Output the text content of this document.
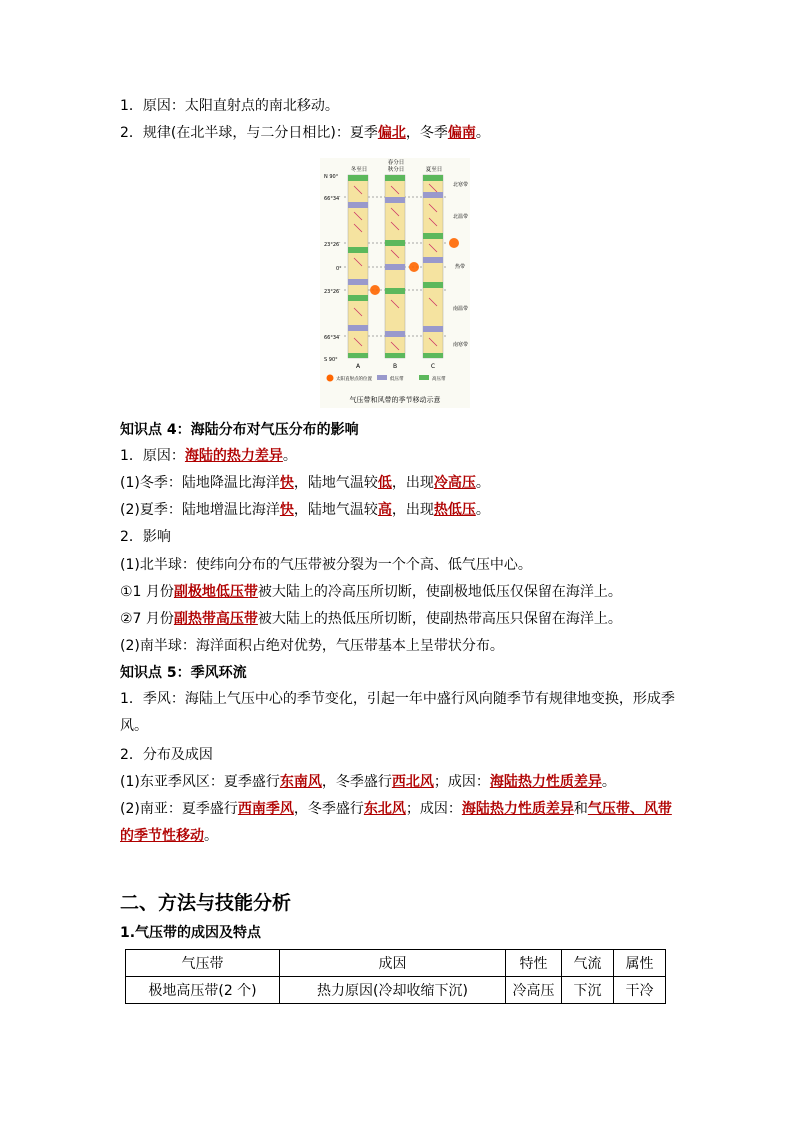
1．原因：太阳直射点的南北移动。
2．规律(在北半球，与二分日相比)：夏季偏北，冬季偏南。
冬至日
春分日
秋分日	夏至日
N 90°
66°34′
23°26′
0°
23°26′
66°34′
S 90°
北寒带
北温带
热带
南温带
南寒带
A	B	C
太阳直射点的位置	低压带	高压带
气压带和风带的季节移动示意
知识点 4：海陆分布对气压分布的影响
1．原因：海陆的热力差异。
(1)冬季：陆地降温比海洋快，陆地气温较低，出现冷高压。
(2)夏季：陆地增温比海洋快，陆地气温较高，出现热低压。
2．影响
(1)北半球：使纬向分布的气压带被分裂为一个个高、低气压中心。
①1 月份副极地低压带被大陆上的冷高压所切断，使副极地低压仅保留在海洋上。
②7 月份副热带高压带被大陆上的热低压所切断，使副热带高压只保留在海洋上。
(2)南半球：海洋面积占绝对优势，气压带基本上呈带状分布。
知识点 5：季风环流
1．季风：海陆上气压中心的季节变化，引起一年中盛行风向随季节有规律地变换，形成季风。
2．分布及成因
(1)东亚季风区：夏季盛行东南风，冬季盛行西北风；成因：海陆热力性质差异。
(2)南亚：夏季盛行西南季风，冬季盛行东北风；成因：海陆热力性质差异和气压带、风带的季节性移动。
二、方法与技能分析
1.气压带的成因及特点
气压带	成因	特性	气流	属性
极地高压带(2 个)	热力原因(冷却收缩下沉)	冷高压	下沉	干冷
